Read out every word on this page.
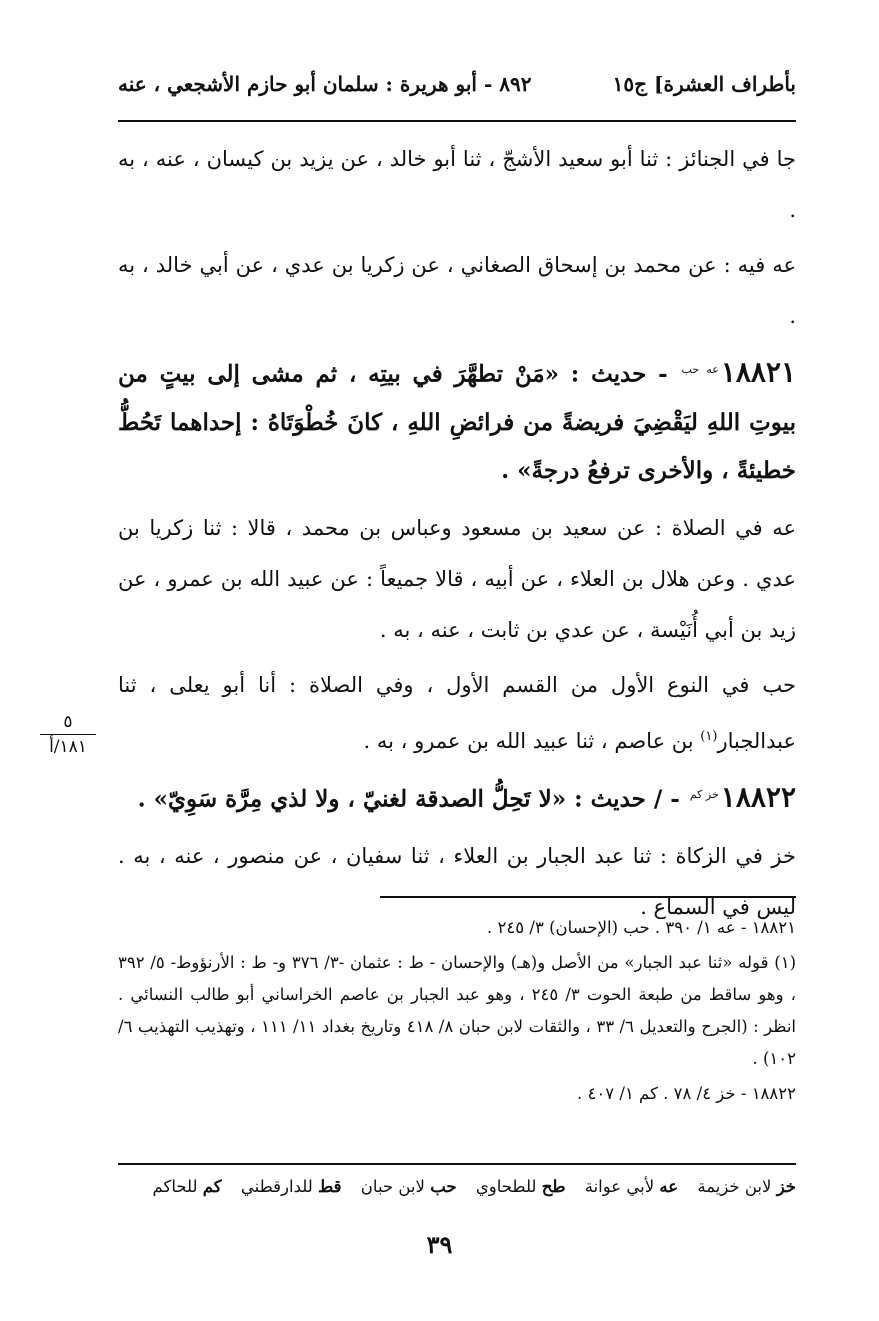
بأطراف العشرة] ج١٥
٨٩٢ - أبو هريرة : سلمان أبو حازم الأشجعي ، عنه

جا في الجنائز : ثنا أبو سعيد الأشجّ ، ثنا أبو خالد ، عن يزيد بن كيسان ، عنه ، به .

عه فيه : عن محمد بن إسحاق الصغاني ، عن زكريا بن عدي ، عن أبي خالد ، به .

$١٨٨٢١^{عه حب}$ - حديث : «مَنْ تطهَّرَ في بيتِه ، ثم مشى إلى بيتٍ من بيوتِ اللهِ ليَقْضِيَ فريضةً من فرائضِ اللهِ ، كانَ خُطْوَتَاهُ : إحداهما تَحُطُّ خطيئةً ، والأخرى ترفعُ درجةً» .

عه في الصلاة : عن سعيد بن مسعود وعباس بن محمد ، قالا : ثنا زكريا بن عدي . وعن هلال بن العلاء ، عن أبيه ، قالا جميعاً : عن عبيد الله بن عمرو ، عن زيد بن أبي أُنَيْسة ، عن عدي بن ثابت ، عنه ، به .

حب في النوع الأول من القسم الأول ، وفي الصلاة : أنا أبو يعلى ، ثنا عبدالجبار$^{(١)}$ بن عاصم ، ثنا عبيد الله بن عمرو ، به .

$١٨٨٢٢^{خز كم}$ - / حديث : «لا تَحِلُّ الصدقة لغنيّ ، ولا لذي مِرَّة سَوِيّ» .

خز في الزكاة : ثنا عبد الجبار بن العلاء ، ثنا سفيان ، عن منصور ، عنه ، به . ليس في السماع .

٥
١٨١/أ

١٨٨٢١ - عه ١/ ٣٩٠ . حب (الإحسان) ٣/ ٢٤٥ .

(١) قوله «ثنا عبد الجبار» من الأصل و(هـ) والإحسان - ط : عثمان -٣/ ٣٧٦ و- ط : الأرنؤوط- ٥/ ٣٩٢ ، وهو ساقط من طبعة الحوت ٣/ ٢٤٥ ، وهو عبد الجبار بن عاصم الخراساني أبو طالب النسائي . انظر : (الجرح والتعديل ٦/ ٣٣ ، والثقات لابن حبان ٨/ ٤١٨ وتاريخ بغداد ١١/ ١١١ ، وتهذيب التهذيب ٦/ ١٠٢) .

١٨٨٢٢ - خز ٤/ ٧٨ . كم ١/ ٤٠٧ .

خز لابن خزيمة عه لأبي عوانة طح للطحاوي حب لابن حبان قط للدارقطني كم للحاكم
٣٩
